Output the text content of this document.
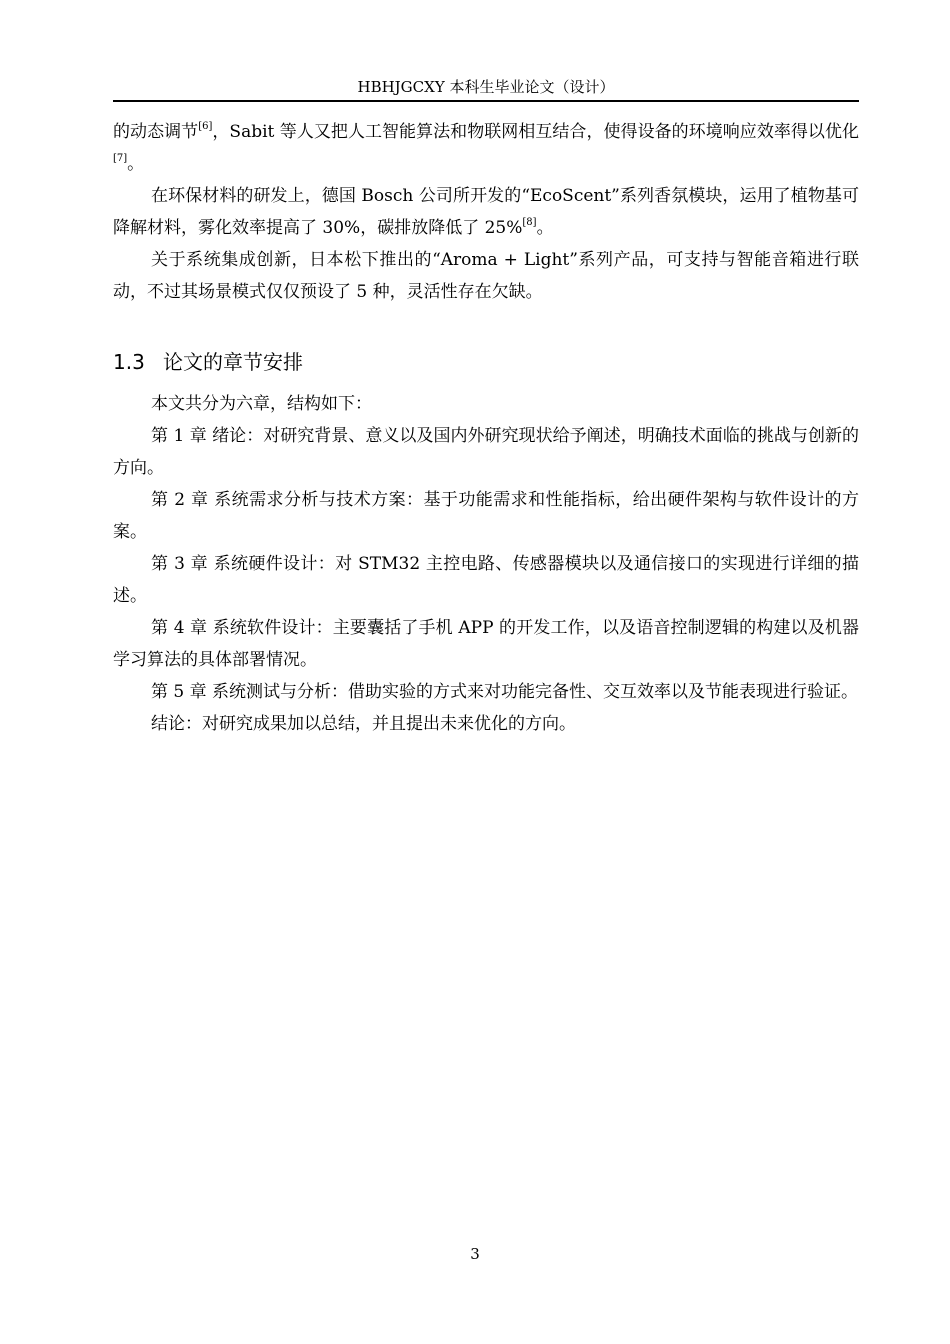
HBHJGCXY 本科生毕业论文（设计）

的动态调节[6]，Sabit 等人又把人工智能算法和物联网相互结合，使得设备的环境响应效率得以优化[7]。

在环保材料的研发上，德国 Bosch 公司所开发的“EcoScent”系列香氛模块，运用了植物基可降解材料，雾化效率提高了 30%，碳排放降低了 25%[8]。

关于系统集成创新，日本松下推出的“Aroma + Light”系列产品，可支持与智能音箱进行联动，不过其场景模式仅仅预设了 5 种，灵活性存在欠缺。

1.3 论文的章节安排

本文共分为六章，结构如下：

第 1 章 绪论：对研究背景、意义以及国内外研究现状给予阐述，明确技术面临的挑战与创新的方向。

第 2 章 系统需求分析与技术方案：基于功能需求和性能指标，给出硬件架构与软件设计的方案。

第 3 章 系统硬件设计：对 STM32 主控电路、传感器模块以及通信接口的实现进行详细的描述。

第 4 章 系统软件设计：主要囊括了手机 APP 的开发工作，以及语音控制逻辑的构建以及机器学习算法的具体部署情况。

第 5 章 系统测试与分析：借助实验的方式来对功能完备性、交互效率以及节能表现进行验证。

结论：对研究成果加以总结，并且提出未来优化的方向。

3
